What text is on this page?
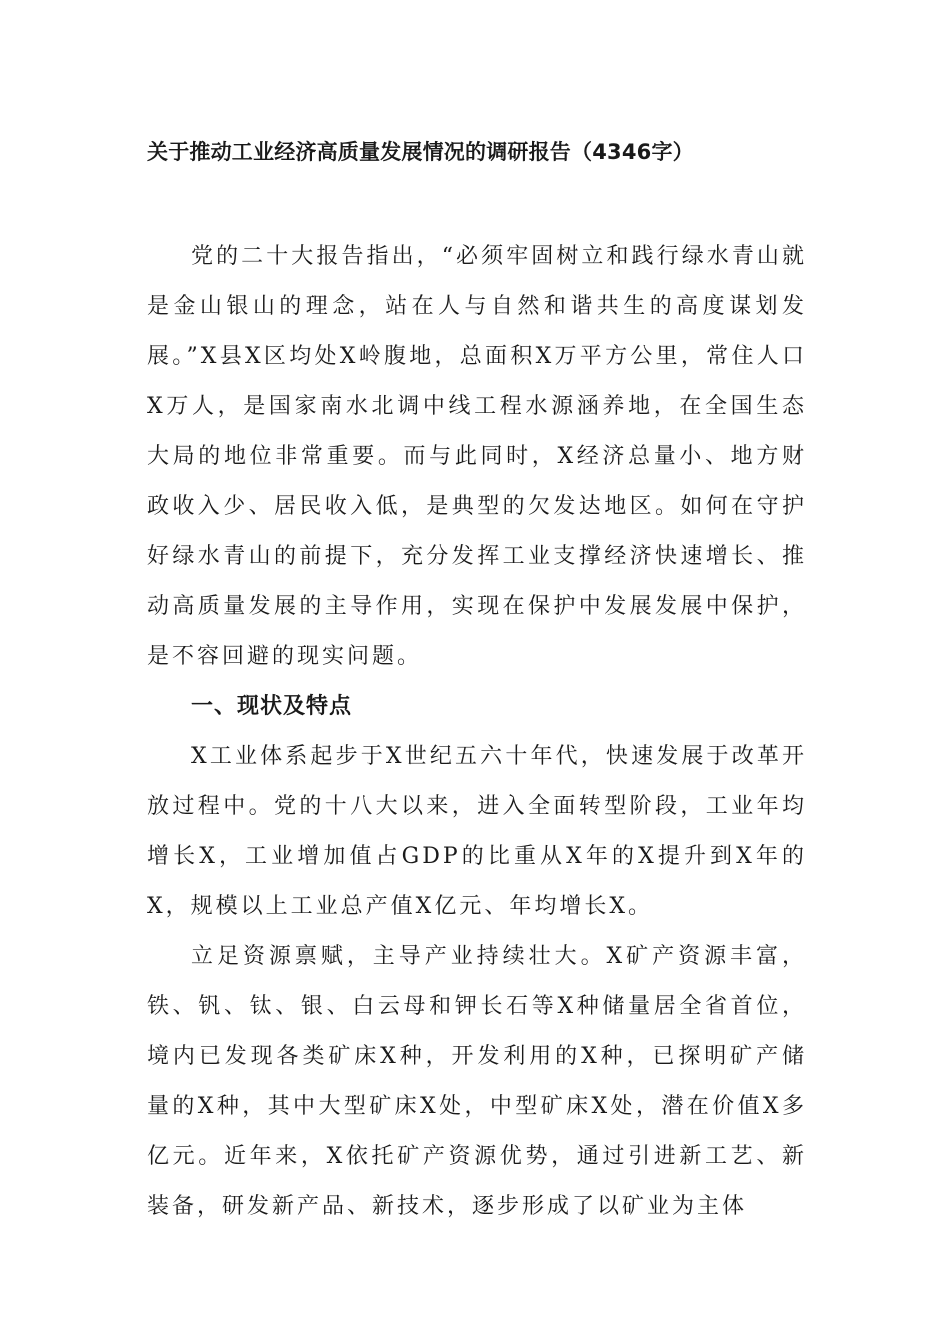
关于推动工业经济高质量发展情况的调研报告（4346字）

党的二十大报告指出，“必须牢固树立和践行绿水青山就是金山银山的理念，站在人与自然和谐共生的高度谋划发展。”X县X区均处X岭腹地，总面积X万平方公里，常住人口X万人，是国家南水北调中线工程水源涵养地，在全国生态大局的地位非常重要。而与此同时，X经济总量小、地方财政收入少、居民收入低，是典型的欠发达地区。如何在守护好绿水青山的前提下，充分发挥工业支撑经济快速增长、推动高质量发展的主导作用，实现在保护中发展发展中保护，是不容回避的现实问题。

一、现状及特点

X工业体系起步于X世纪五六十年代，快速发展于改革开放过程中。党的十八大以来，进入全面转型阶段，工业年均增长X，工业增加值占GDP的比重从X年的X提升到X年的X，规模以上工业总产值X亿元、年均增长X。

立足资源禀赋，主导产业持续壮大。X矿产资源丰富，铁、钒、钛、银、白云母和钾长石等X种储量居全省首位，境内已发现各类矿床X种，开发利用的X种，已探明矿产储量的X种，其中大型矿床X处，中型矿床X处，潜在价值X多亿元。近年来，X依托矿产资源优势，通过引进新工艺、新装备，研发新产品、新技术，逐步形成了以矿业为主体
